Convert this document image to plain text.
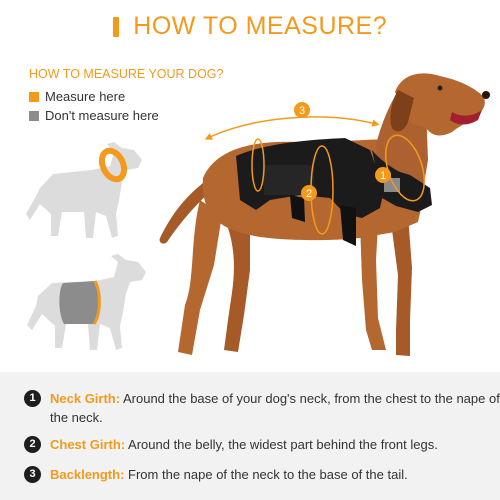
HOW TO MEASURE?
HOW TO MEASURE YOUR DOG?
Measure here
Don't measure here
1
2
3
1	Neck Girth: Around the base of your dog's neck, from the chest to the nape of the neck.
2	Chest Girth: Around the belly, the widest part behind the front legs.
3	Backlength: From the nape of the neck to the base of the tail.
